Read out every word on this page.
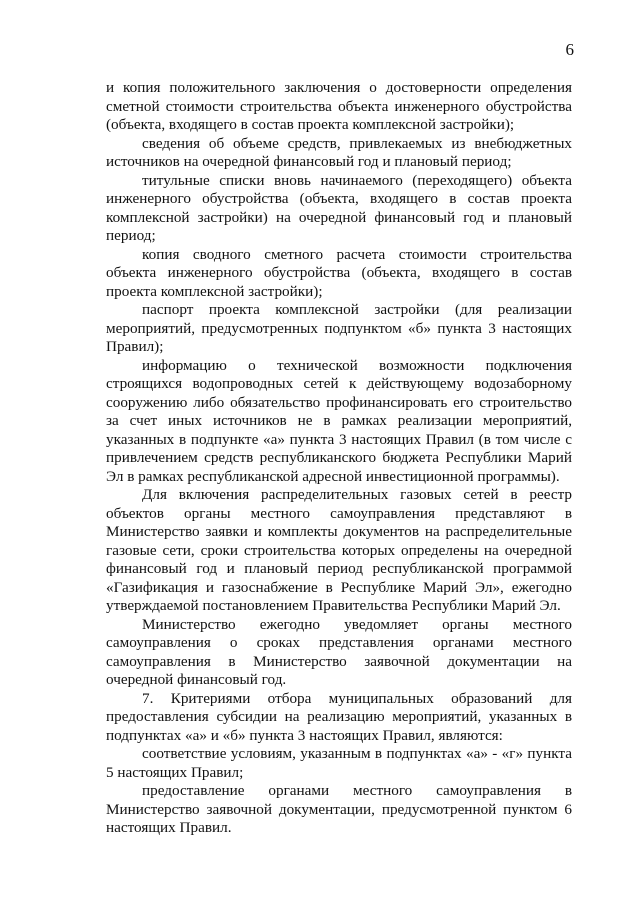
6

и копия положительного заключения о достоверности определения сметной стоимости строительства объекта инженерного обустройства (объекта, входящего в состав проекта комплексной застройки);

сведения об объеме средств, привлекаемых из внебюджетных источников на очередной финансовый год и плановый период;

титульные списки вновь начинаемого (переходящего) объекта инженерного обустройства (объекта, входящего в состав проекта комплексной застройки) на очередной финансовый год и плановый период;

копия сводного сметного расчета стоимости строительства объекта инженерного обустройства (объекта, входящего в состав проекта комплексной застройки);

паспорт проекта комплексной застройки (для реализации мероприятий, предусмотренных подпунктом «б» пункта 3 настоящих Правил);

информацию о технической возможности подключения строящихся водопроводных сетей к действующему водозаборному сооружению либо обязательство профинансировать его строительство за счет иных источников не в рамках реализации мероприятий, указанных в подпункте «а» пункта 3 настоящих Правил (в том числе с привлечением средств республиканского бюджета Республики Марий Эл в рамках республиканской адресной инвестиционной программы).

Для включения распределительных газовых сетей в реестр объектов органы местного самоуправления представляют в Министерство заявки и комплекты документов на распределительные газовые сети, сроки строительства которых определены на очередной финансовый год и плановый период республиканской программой «Газификация и газоснабжение в Республике Марий Эл», ежегодно утверждаемой постановлением Правительства Республики Марий Эл.

Министерство ежегодно уведомляет органы местного самоуправления о сроках представления органами местного самоуправления в Министерство заявочной документации на очередной финансовый год.

7. Критериями отбора муниципальных образований для предоставления субсидии на реализацию мероприятий, указанных в подпунктах «а» и «б» пункта 3 настоящих Правил, являются:

соответствие условиям, указанным в подпунктах «а» - «г» пункта 5 настоящих Правил;

предоставление органами местного самоуправления в Министерство заявочной документации, предусмотренной пунктом 6 настоящих Правил.
